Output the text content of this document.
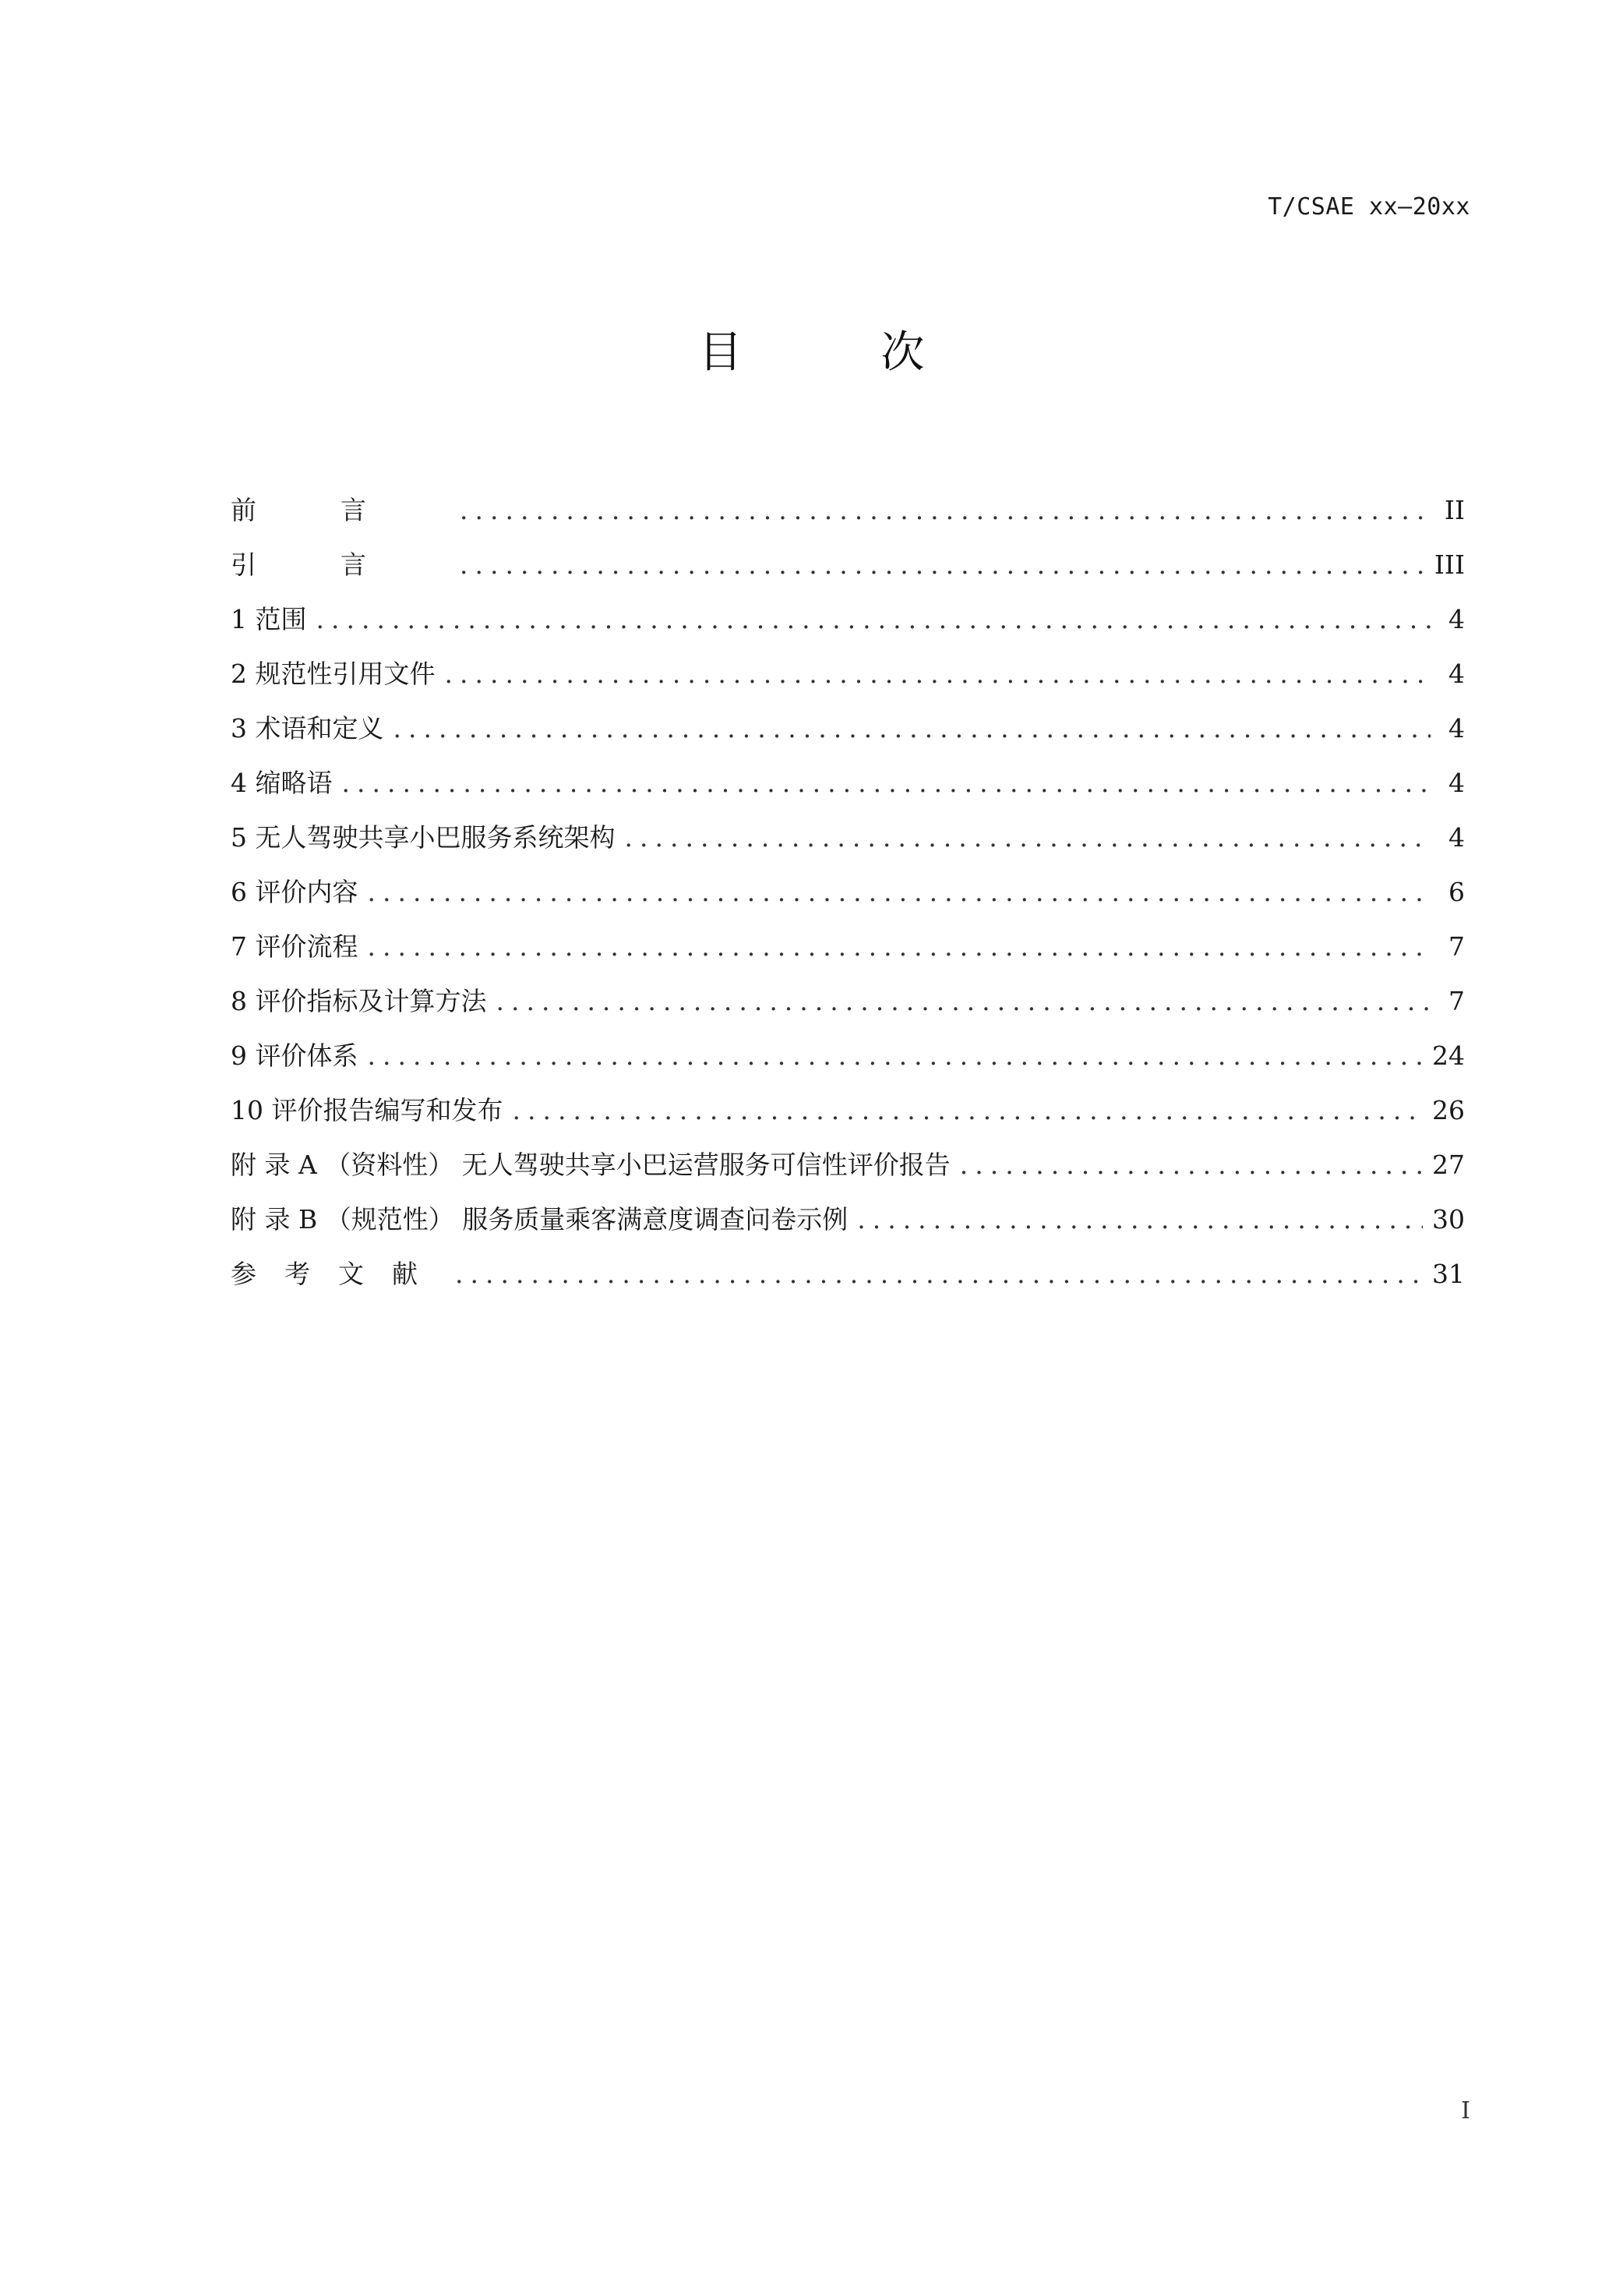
T/CSAE xx—20xx
目 次
前言 .....	II
引言 .....	III
1 范围 .....	4
2 规范性引用文件 .....	4
3 术语和定义 .....	4
4 缩略语 .....	4
5 无人驾驶共享小巴服务系统架构 .....	4
6 评价内容 .....	6
7 评价流程 .....	7
8 评价指标及计算方法 .....	7
9 评价体系 .....	24
10 评价报告编写和发布 .....	26
附 录 A （资料性） 无人驾驶共享小巴运营服务可信性评价报告 .....	27
附 录 B （规范性） 服务质量乘客满意度调查问卷示例 .....	30
参考文献 .....	31
I
